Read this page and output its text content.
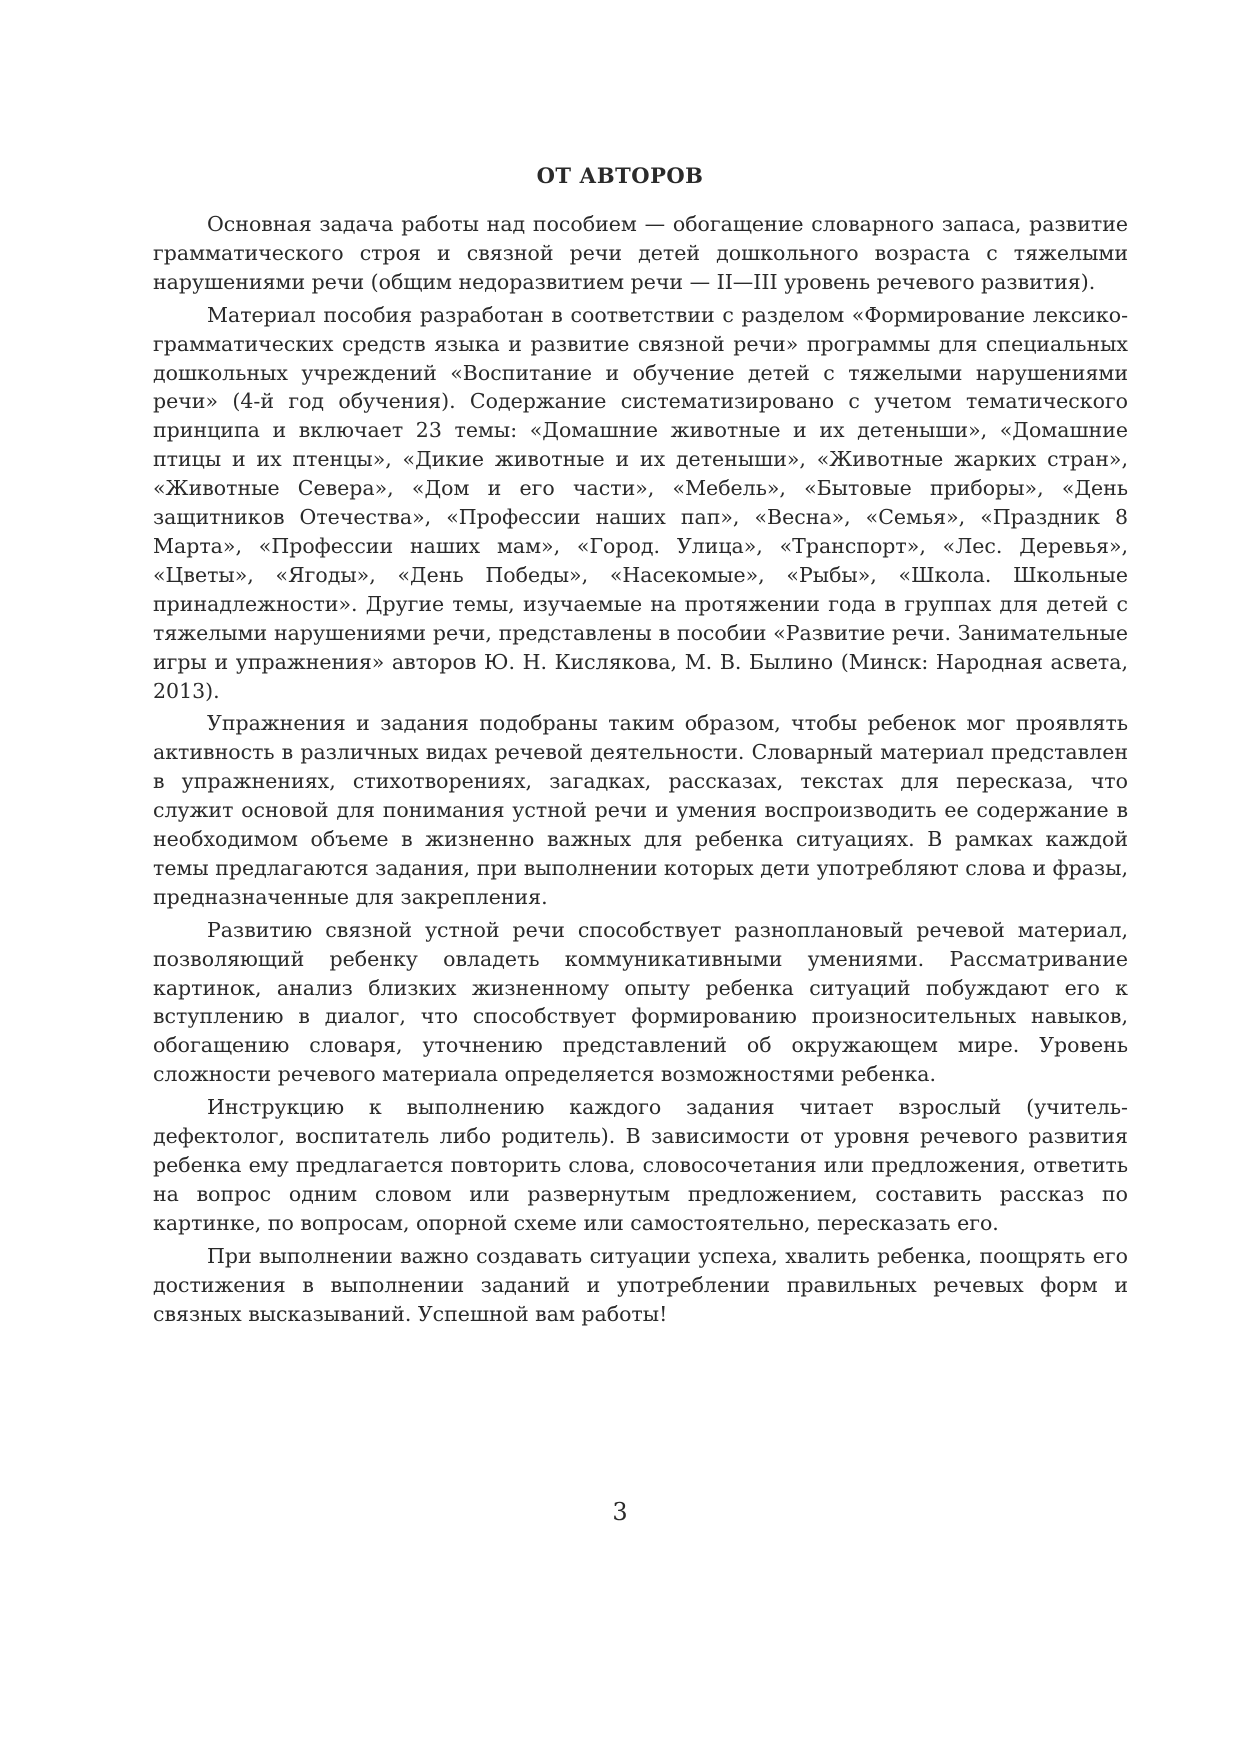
ОТ АВТОРОВ

Основная задача работы над пособием — обогащение словарного запаса, развитие грамматического строя и связной речи детей дошкольного возраста с тяжелыми нарушениями речи (общим недоразвитием речи — II—III уровень речевого развития).

Материал пособия разработан в соответствии с разделом «Формирование лексико-грамматических средств языка и развитие связной речи» программы для специальных дошкольных учреждений «Воспитание и обучение детей с тяжелыми нарушениями речи» (4-й год обучения). Содержание систематизировано с учетом тематического принципа и включает 23 темы: «Домашние животные и их детеныши», «Домашние птицы и их птенцы», «Дикие животные и их детеныши», «Животные жарких стран», «Животные Севера», «Дом и его части», «Мебель», «Бытовые приборы», «День защитников Отечества», «Профессии наших пап», «Весна», «Семья», «Праздник 8 Марта», «Профессии наших мам», «Город. Улица», «Транспорт», «Лес. Деревья», «Цветы», «Ягоды», «День Победы», «Насекомые», «Рыбы», «Школа. Школьные принадлежности». Другие темы, изучаемые на протяжении года в группах для детей с тяжелыми нарушениями речи, представлены в пособии «Развитие речи. Занимательные игры и упражнения» авторов Ю. Н. Кислякова, М. В. Былино (Минск: Народная асвета, 2013).

Упражнения и задания подобраны таким образом, чтобы ребенок мог проявлять активность в различных видах речевой деятельности. Словарный материал представлен в упражнениях, стихотворениях, загадках, рассказах, текстах для пересказа, что служит основой для понимания устной речи и умения воспроизводить ее содержание в необходимом объеме в жизненно важных для ребенка ситуациях. В рамках каждой темы предлагаются задания, при выполнении которых дети употребляют слова и фразы, предназначенные для закрепления.

Развитию связной устной речи способствует разноплановый речевой материал, позволяющий ребенку овладеть коммуникативными умениями. Рассматривание картинок, анализ близких жизненному опыту ребенка ситуаций побуждают его к вступлению в диалог, что способствует формированию произносительных навыков, обогащению словаря, уточнению представлений об окружающем мире. Уровень сложности речевого материала определяется возможностями ребенка.

Инструкцию к выполнению каждого задания читает взрослый (учитель-дефектолог, воспитатель либо родитель). В зависимости от уровня речевого развития ребенка ему предлагается повторить слова, словосочетания или предложения, ответить на вопрос одним словом или развернутым предложением, составить рассказ по картинке, по вопросам, опорной схеме или самостоятельно, пересказать его.

При выполнении важно создавать ситуации успеха, хвалить ребенка, поощрять его достижения в выполнении заданий и употреблении правильных речевых форм и связных высказываний. Успешной вам работы!

3
